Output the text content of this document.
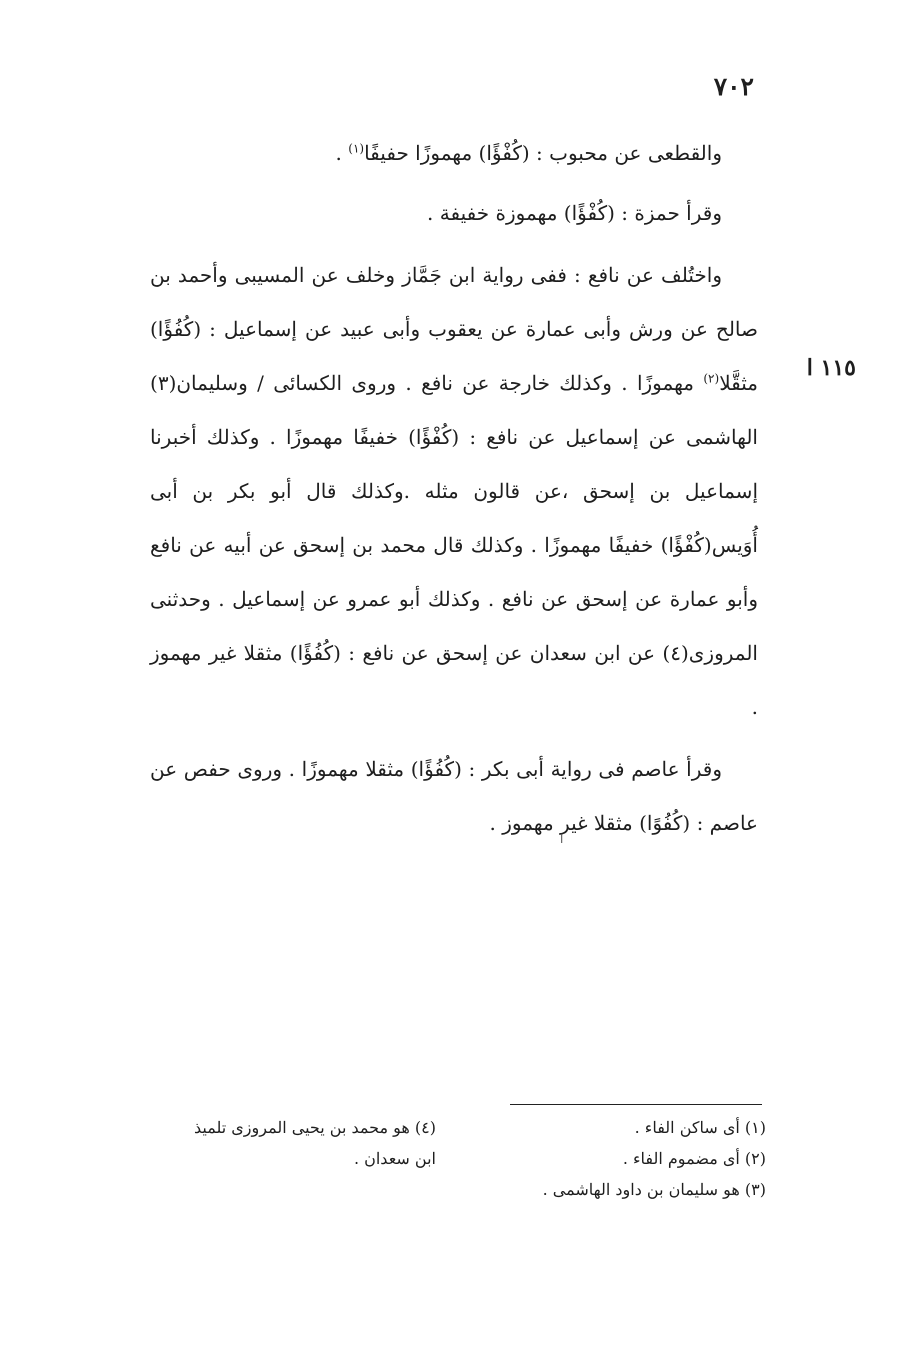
٧٠٢
١١٥ ا

والقطعى عن محبوب : (كُفْؤًا) مهموزًا حفيفًا$^{(١)}$ .

وقرأ حمزة : (كُفْؤًا) مهموزة خفيفة .

واختُلف عن نافع : ففى رواية ابن جَمَّاز وخلف عن المسيبى وأحمد بن صالح عن ورش وأبى عمارة عن يعقوب وأبى عبيد عن إسماعيل : (كُفُؤًا) مثقَّلا$^{(٢)}$ مهموزًا . وكذلك خارجة عن نافع . وروى الكسائى / وسليمان(٣) الهاشمى عن إسماعيل عن نافع : (كُفْؤًا) خفيفًا مهموزًا . وكذلك أخبرنا إسماعيل بن إسحق ،عن قالون مثله .وكذلك قال أبو بكر بن أبى أُوَيس(كُفْؤًا) خفيفًا مهموزًا . وكذلك قال محمد بن إسحق عن أبيه عن نافع وأبو عمارة عن إسحق عن نافع . وكذلك أبو عمرو عن إسماعيل . وحدثنى المروزى(٤) عن ابن سعدان عن إسحق عن نافع : (كُفُؤًا) مثقلا غير مهموز .

وقرأ عاصم فى رواية أبى بكر : (كُفُؤًا) مثقلا مهموزًا . وروى حفص عن عاصم : (كُفُوًا) مثقلا غير مهموز .

ا
(١) أى ساكن الفاء .
(٢) أى مضموم الفاء .
(٣) هو سليمان بن داود الهاشمى .
(٤) هو محمد بن يحيى المروزى تلميذ
ابن سعدان .
